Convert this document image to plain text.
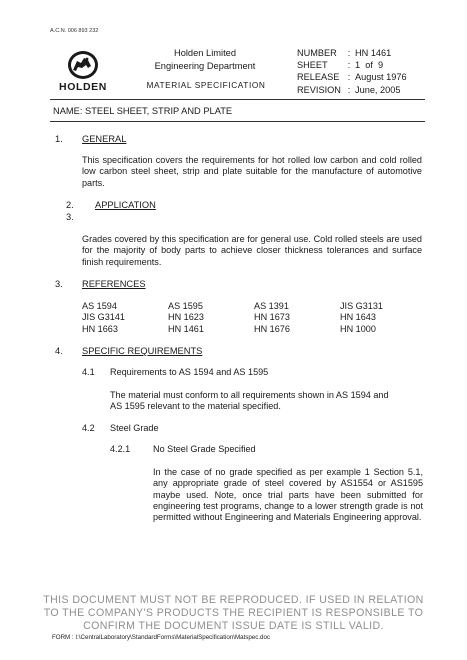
A.C.N. 006 893 232
HOLDEN
Holden Limited
Engineering Department
MATERIAL SPECIFICATION
NUMBER : HN 1461
SHEET : 1  of  9
RELEASE : August 1976
REVISION : June, 2005
NAME: STEEL SHEET, STRIP AND PLATE
1. GENERAL
This specification covers the requirements for hot rolled low carbon and cold rolled low carbon steel sheet, strip and plate suitable for the manufacture of automotive parts.
2.
3.
APPLICATION
Grades covered by this specification are for general use. Cold rolled steels are used for the majority of body parts to achieve closer thickness tolerances and surface finish requirements.
3. REFERENCES
AS 1594	AS 1595	AS 1391	JIS G3131
JIS G3141	HN 1623	HN 1673	HN 1643
HN 1663	HN 1461	HN 1676	HN 1000
4. SPECIFIC REQUIREMENTS
4.1 Requirements to AS 1594 and AS 1595
The material must conform to all requirements shown in AS 1594 and AS 1595 relevant to the material specified.
4.2 Steel Grade
4.2.1	No Steel Grade Specified
In the case of no grade specified as per example 1 Section 5.1, any appropriate grade of steel covered by AS1554 or AS1595 maybe used. Note, once trial parts have been submitted for engineering test programs, change to a lower strength grade is not permitted without Engineering and Materials Engineering approval.
THIS DOCUMENT MUST NOT BE REPRODUCED. IF USED IN RELATION
TO THE COMPANY'S PRODUCTS THE RECIPIENT IS RESPONSIBLE TO
CONFIRM THE DOCUMENT ISSUE DATE IS STILL VALID.
FORM : I:\CentralLaboratory\StandardForms\MaterialSpecification\Matspec.doc
